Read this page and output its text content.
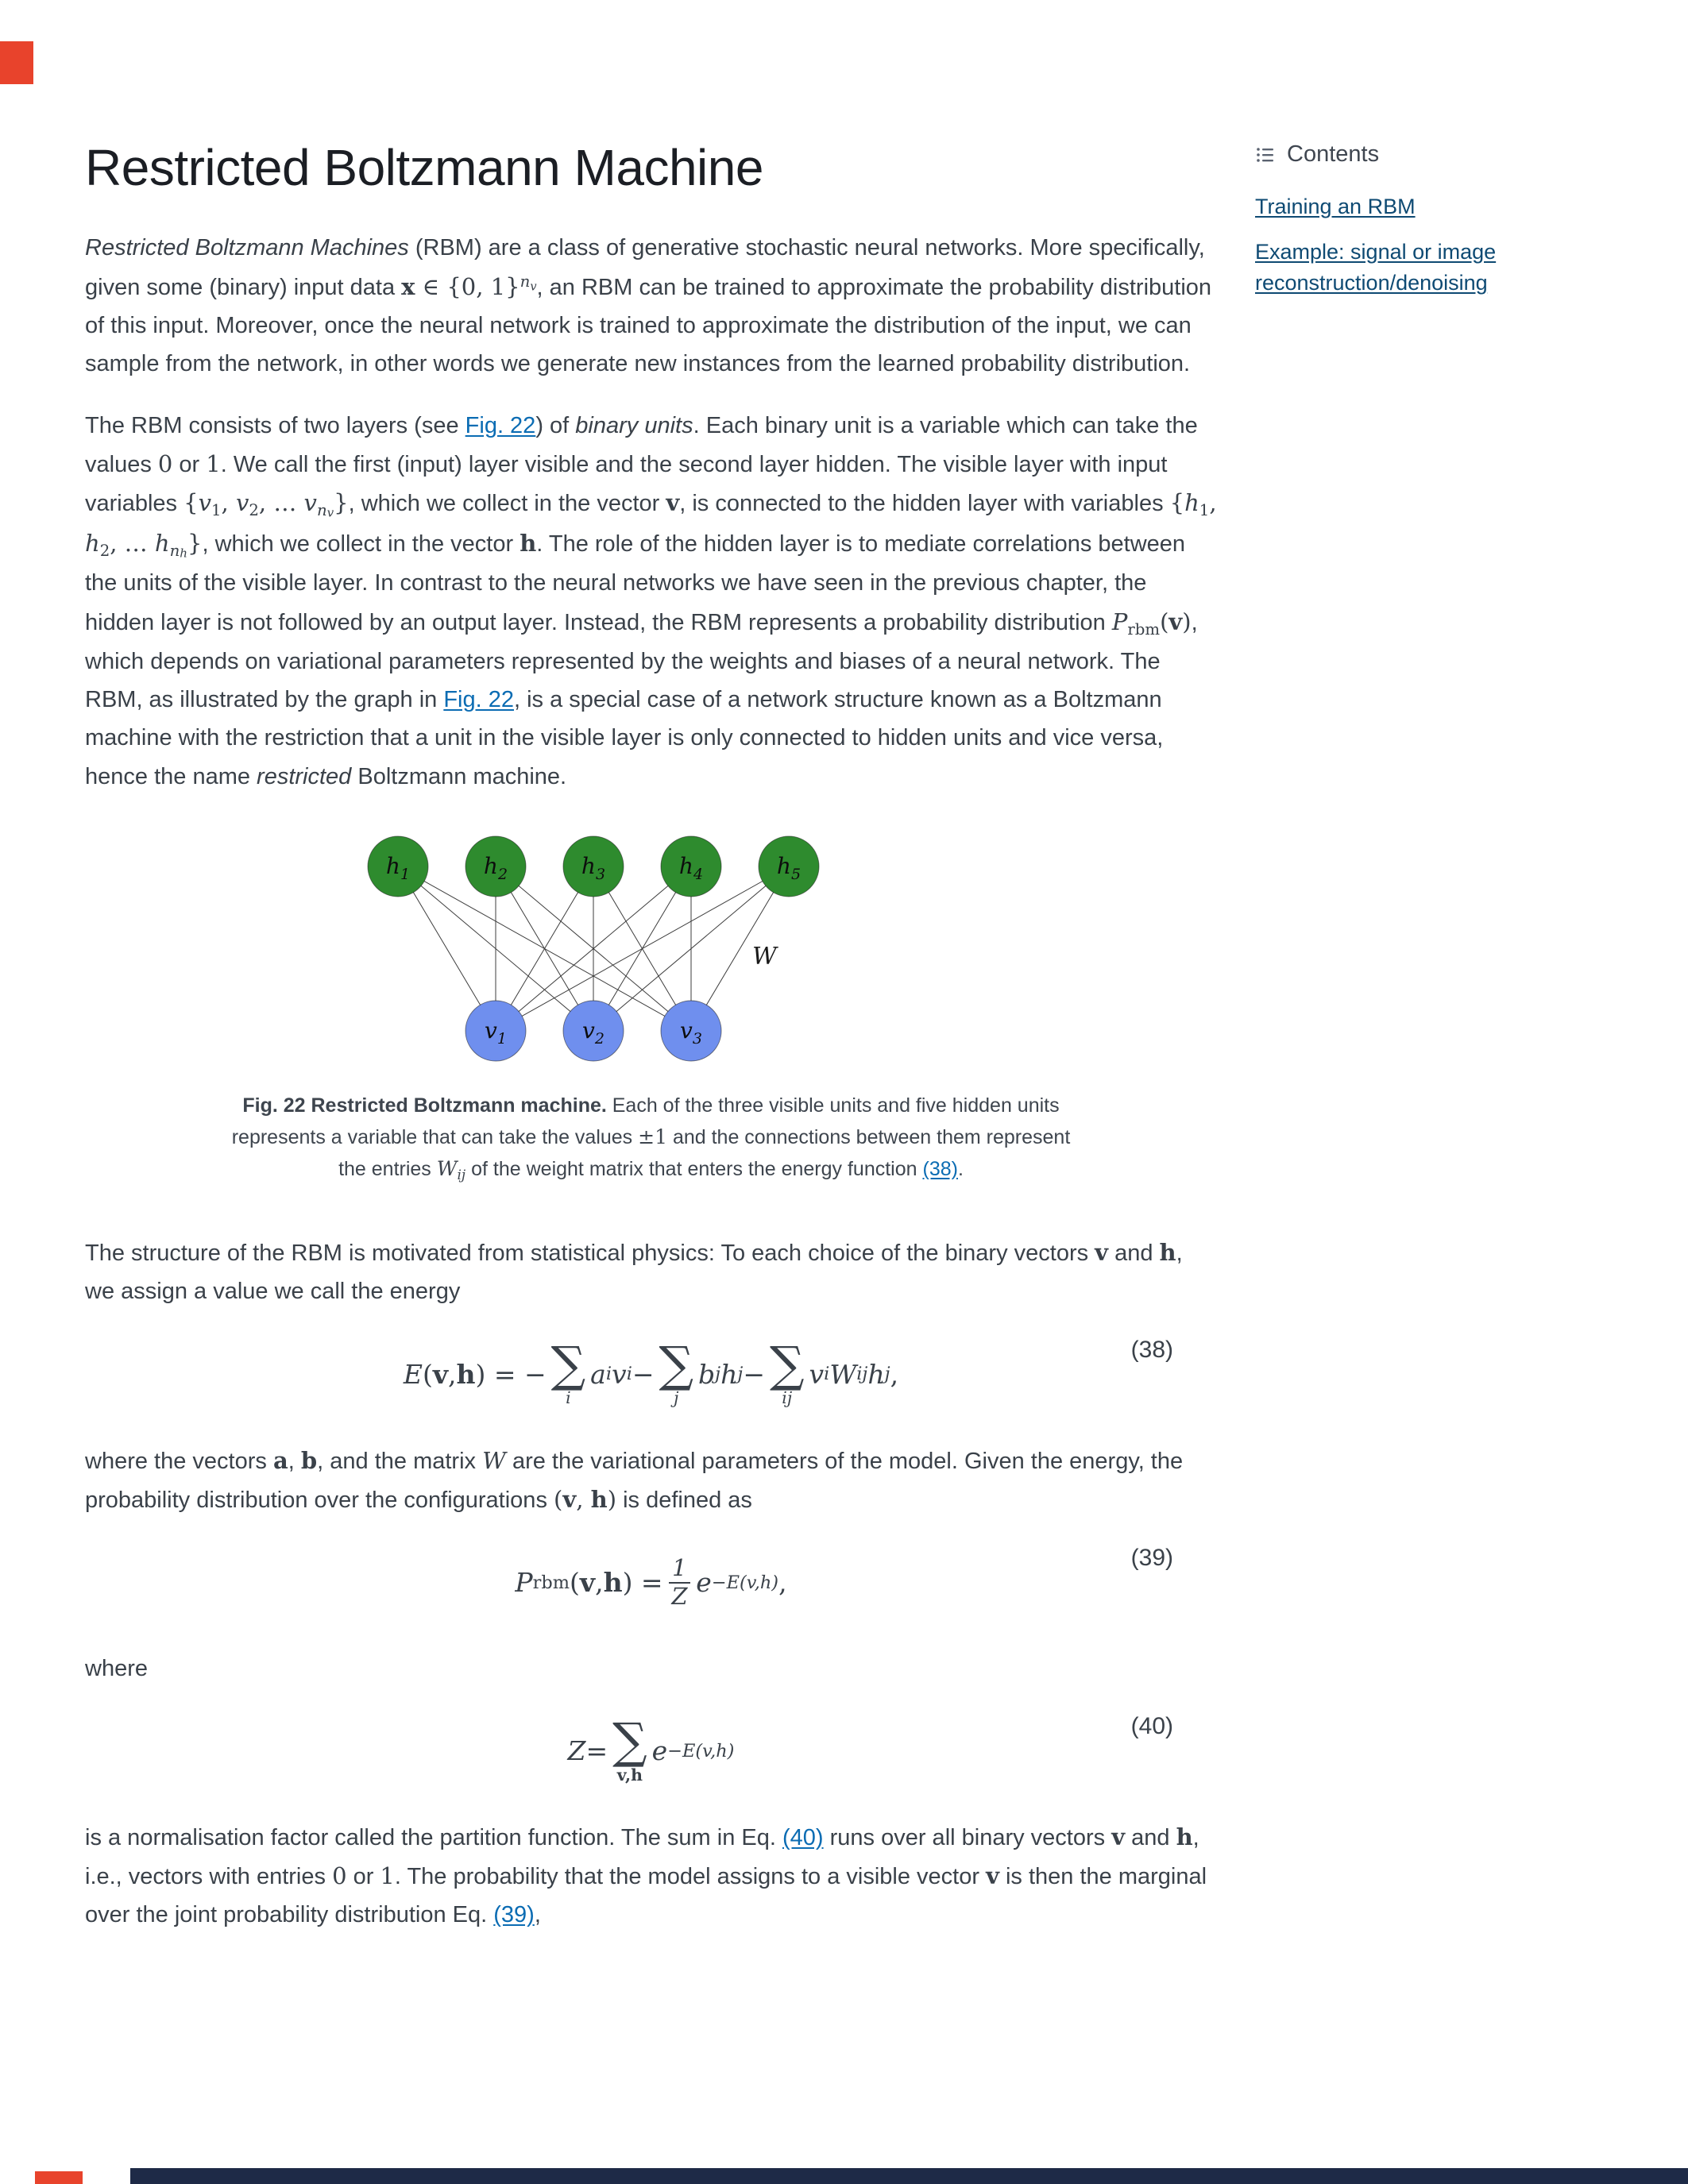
Restricted Boltzmann Machine

Restricted Boltzmann Machines (RBM) are a class of generative stochastic neural networks. More specifically, given some (binary) input data x ∈ {0, 1}$^n$v, an RBM can be trained to approximate the probability distribution of this input. Moreover, once the neural network is trained to approximate the distribution of the input, we can sample from the network, in other words we generate new instances from the learned probability distribution.

The RBM consists of two layers (see Fig. 22) of binary units. Each binary unit is a variable which can take the values 0 or 1. We call the first (input) layer visible and the second layer hidden. The visible layer with input variables {$v_1$, $v_2$, … $v_{nv}$}, which we collect in the vector v, is connected to the hidden layer with variables {$h_1$, $h_2$, … $h_{nh}$}, which we collect in the vector h. The role of the hidden layer is to mediate correlations between the units of the visible layer. In contrast to the neural networks we have seen in the previous chapter, the hidden layer is not followed by an output layer. Instead, the RBM represents a probability distribution $P_{rbm}(v)$, which depends on variational parameters represented by the weights and biases of a neural network. The RBM, as illustrated by the graph in Fig. 22, is a special case of a network structure known as a Boltzmann machine with the restriction that a unit in the visible layer is only connected to hidden units and vice versa, hence the name restricted Boltzmann machine.

$h_1$	$h_2$	$h_3$	$h_4$	$h_5$
$v_1$	$v_2$	$v_3$
W
Fig. 22 Restricted Boltzmann machine. Each of the three visible units and five hidden units represents a variable that can take the values ±1 and the connections between them represent the entries $W_{ij}$ of the weight matrix that enters the energy function (38).

The structure of the RBM is motivated from statistical physics: To each choice of the binary vectors v and h, we assign a value we call the energy

E ( v , h ) = − ∑
i
a i v i − ∑
j
b j h j − ∑
ij
v i W ij h j ,
(38)

where the vectors a, b, and the matrix W are the variational parameters of the model. Given the energy, the probability distribution over the configurations (v, h) is defined as

P rbm ( v , h ) = $\frac{1}{Z}$ e −E(v,h) ,
(39)

where

Z = ∑
v,h
e −E(v,h)
(40)

is a normalisation factor called the partition function. The sum in Eq. (40) runs over all binary vectors v and h, i.e., vectors with entries 0 or 1. The probability that the model assigns to a visible vector v is then the marginal over the joint probability distribution Eq. (39),

Contents
Training an RBM
Example: signal or image reconstruction/denoising
